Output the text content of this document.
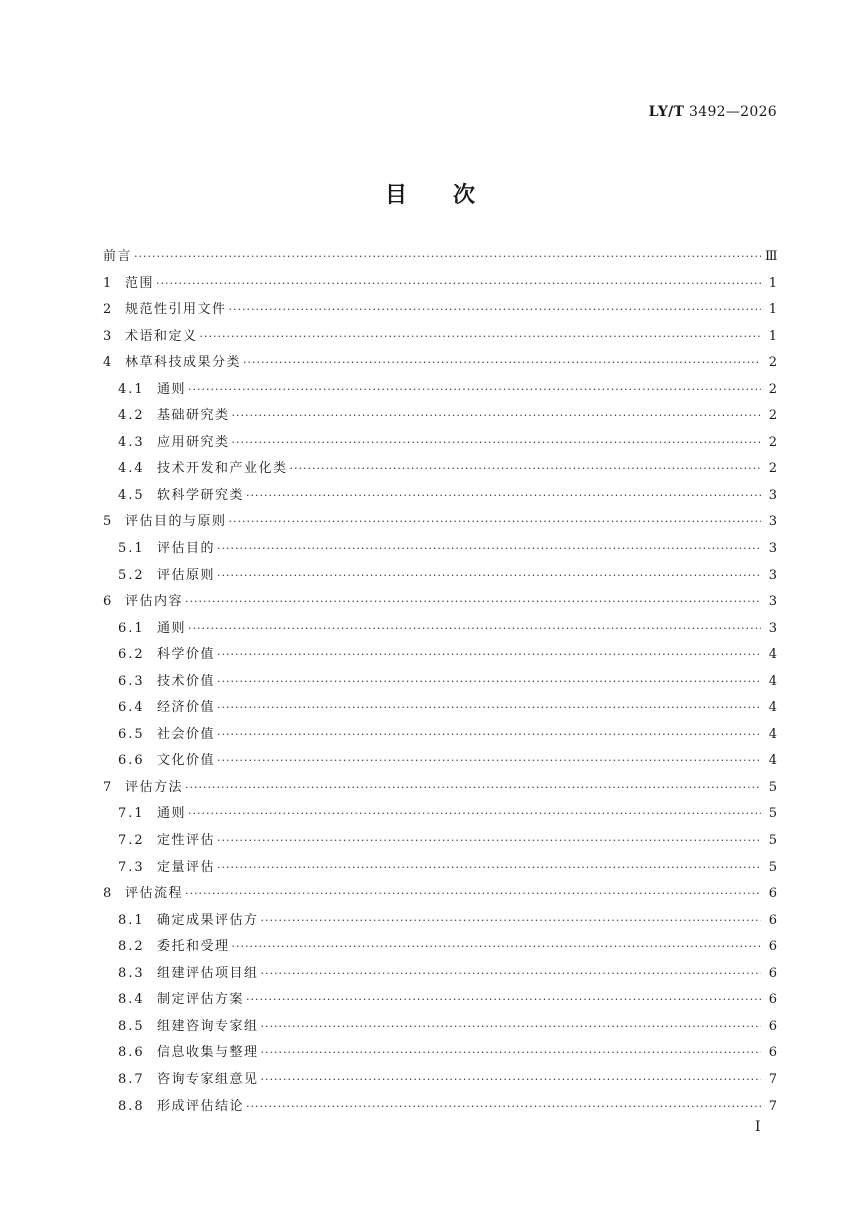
LY/T 3492—2026
目次
前言 ·····	Ⅲ
1 范围 ·····	1
2 规范性引用文件 ·····	1
3 术语和定义 ·····	1
4 林草科技成果分类 ·····	2
4.1 通则 ·····	2
4.2 基础研究类 ·····	2
4.3 应用研究类 ·····	2
4.4 技术开发和产业化类 ·····	2
4.5 软科学研究类 ·····	3
5 评估目的与原则 ·····	3
5.1 评估目的 ·····	3
5.2 评估原则 ·····	3
6 评估内容 ·····	3
6.1 通则 ·····	3
6.2 科学价值 ·····	4
6.3 技术价值 ·····	4
6.4 经济价值 ·····	4
6.5 社会价值 ·····	4
6.6 文化价值 ·····	4
7 评估方法 ·····	5
7.1 通则 ·····	5
7.2 定性评估 ·····	5
7.3 定量评估 ·····	5
8 评估流程 ·····	6
8.1 确定成果评估方 ·····	6
8.2 委托和受理 ·····	6
8.3 组建评估项目组 ·····	6
8.4 制定评估方案 ·····	6
8.5 组建咨询专家组 ·····	6
8.6 信息收集与整理 ·····	6
8.7 咨询专家组意见 ·····	7
8.8 形成评估结论 ·····	7
I
